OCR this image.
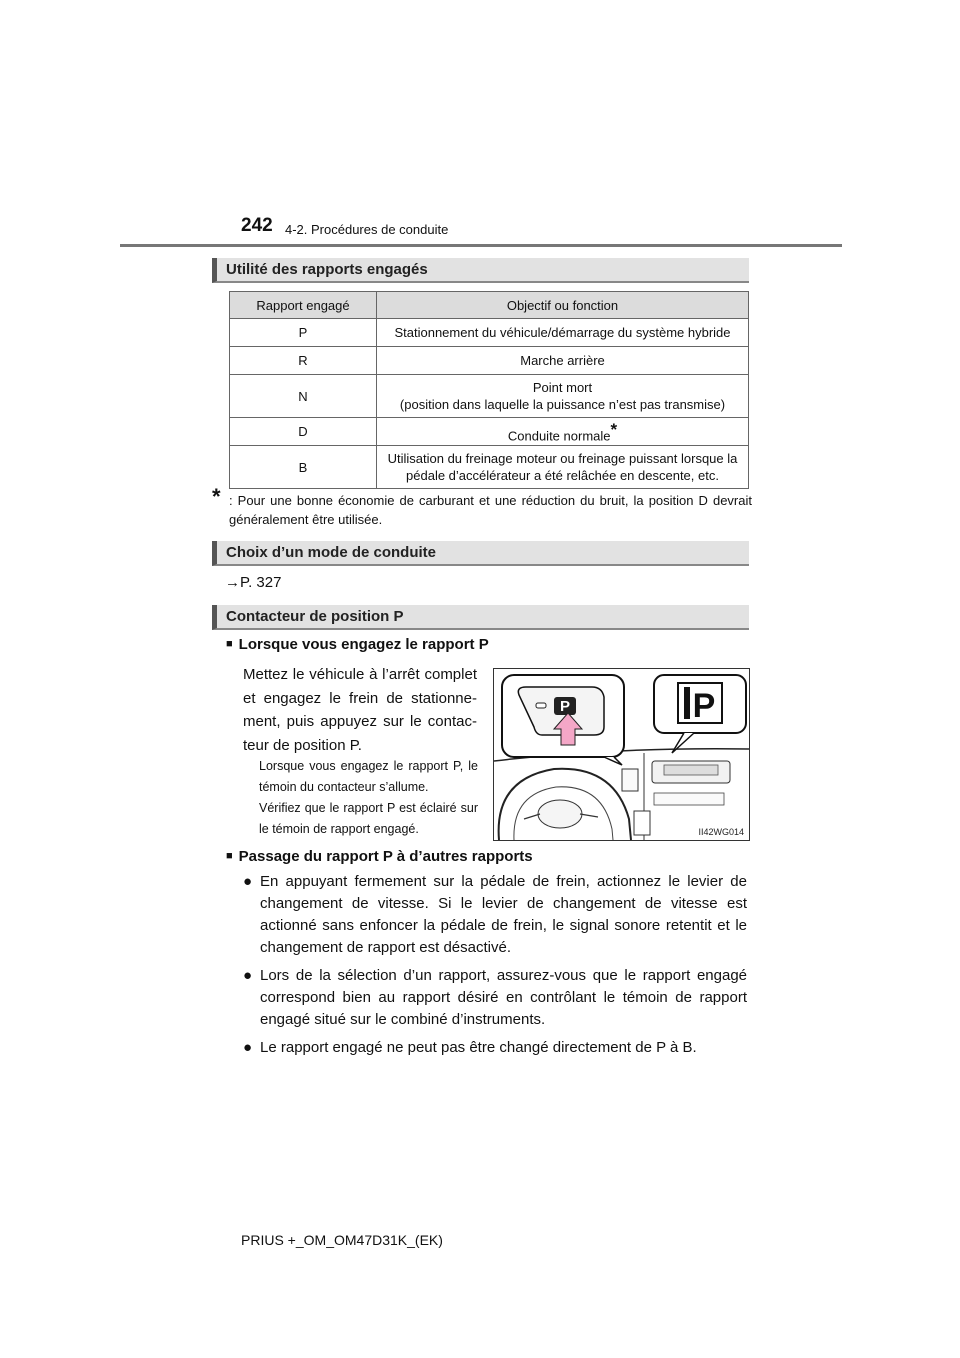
242 4-2. Procédures de conduite
Utilité des rapports engagés
Rapport engagé	Objectif ou fonction
P	Stationnement du véhicule/démarrage du système hybride
R	Marche arrière
N	Point mort
(position dans laquelle la puissance n’est pas transmise)
D	Conduite normale*
B	Utilisation du freinage moteur ou freinage puissant lorsque la pédale d’accélérateur a été relâchée en descente, etc.
* : Pour une bonne économie de carburant et une réduction du bruit, la position D devrait généralement être utilisée.
Choix d’un mode de conduite
→P. 327
Contacteur de position P
■ Lorsque vous engagez le rapport P
Mettez le véhicule à l’arrêt complet et engagez le frein de stationne-ment, puis appuyez sur le contac-teur de position P.
Lorsque vous engagez le rapport P, le témoin du contacteur s’allume.
Vérifiez que le rapport P est éclairé sur le témoin de rapport engagé.
P	P
II42WG014
■ Passage du rapport P à d’autres rapports
● En appuyant fermement sur la pédale de frein, actionnez le levier de changement de vitesse. Si le levier de changement de vitesse est actionné sans enfoncer la pédale de frein, le signal sonore retentit et le changement de rapport est désactivé.
● Lors de la sélection d’un rapport, assurez-vous que le rapport engagé correspond bien au rapport désiré en contrôlant le témoin de rapport engagé situé sur le combiné d’instruments.
● Le rapport engagé ne peut pas être changé directement de P à B.
PRIUS +_OM_OM47D31K_(EK)
